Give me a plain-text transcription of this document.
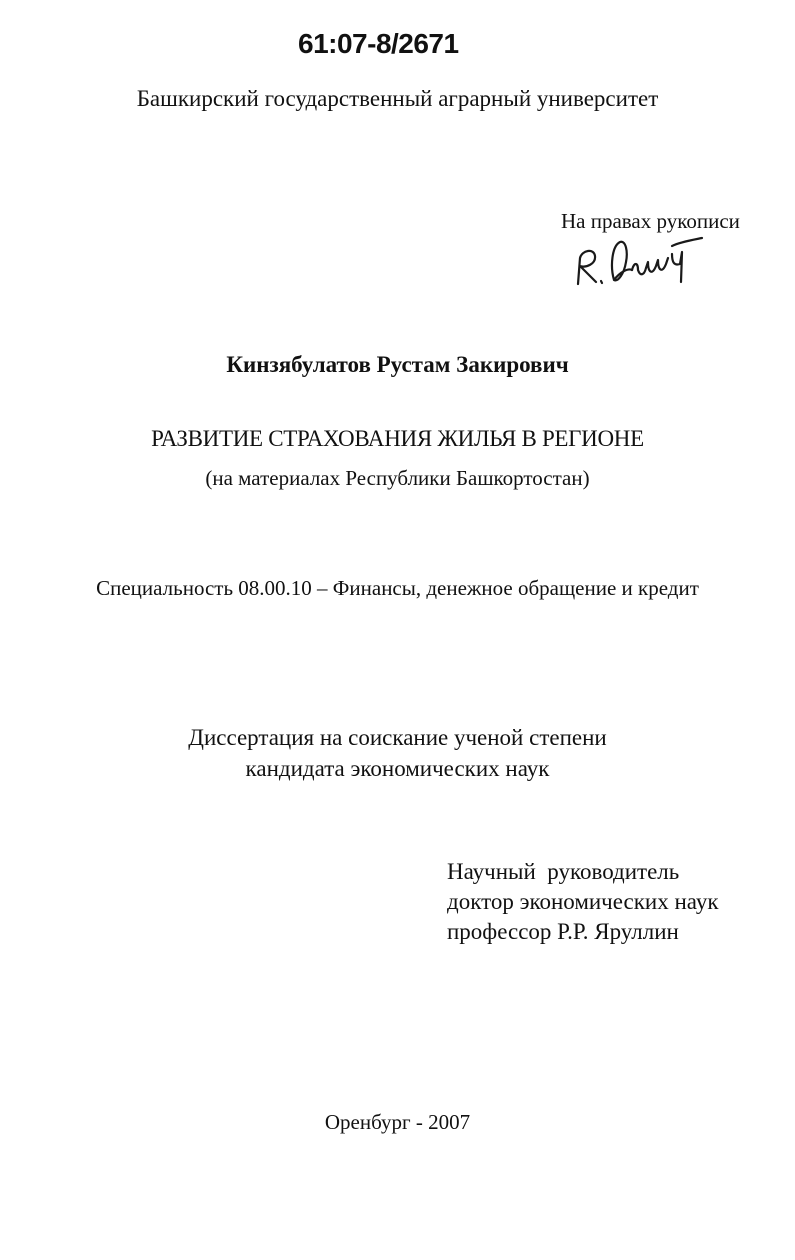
61:07-8/2671
Башкирский государственный аграрный университет
На правах рукописи
Кинзябулатов Рустам Закирович
РАЗВИТИЕ СТРАХОВАНИЯ ЖИЛЬЯ В РЕГИОНЕ
(на материалах Республики Башкортостан)
Специальность 08.00.10 – Финансы, денежное обращение и кредит
Диссертация на соискание ученой степени
кандидата экономических наук
Научный  руководитель
доктор экономических наук
профессор Р.Р. Яруллин
Оренбург - 2007
